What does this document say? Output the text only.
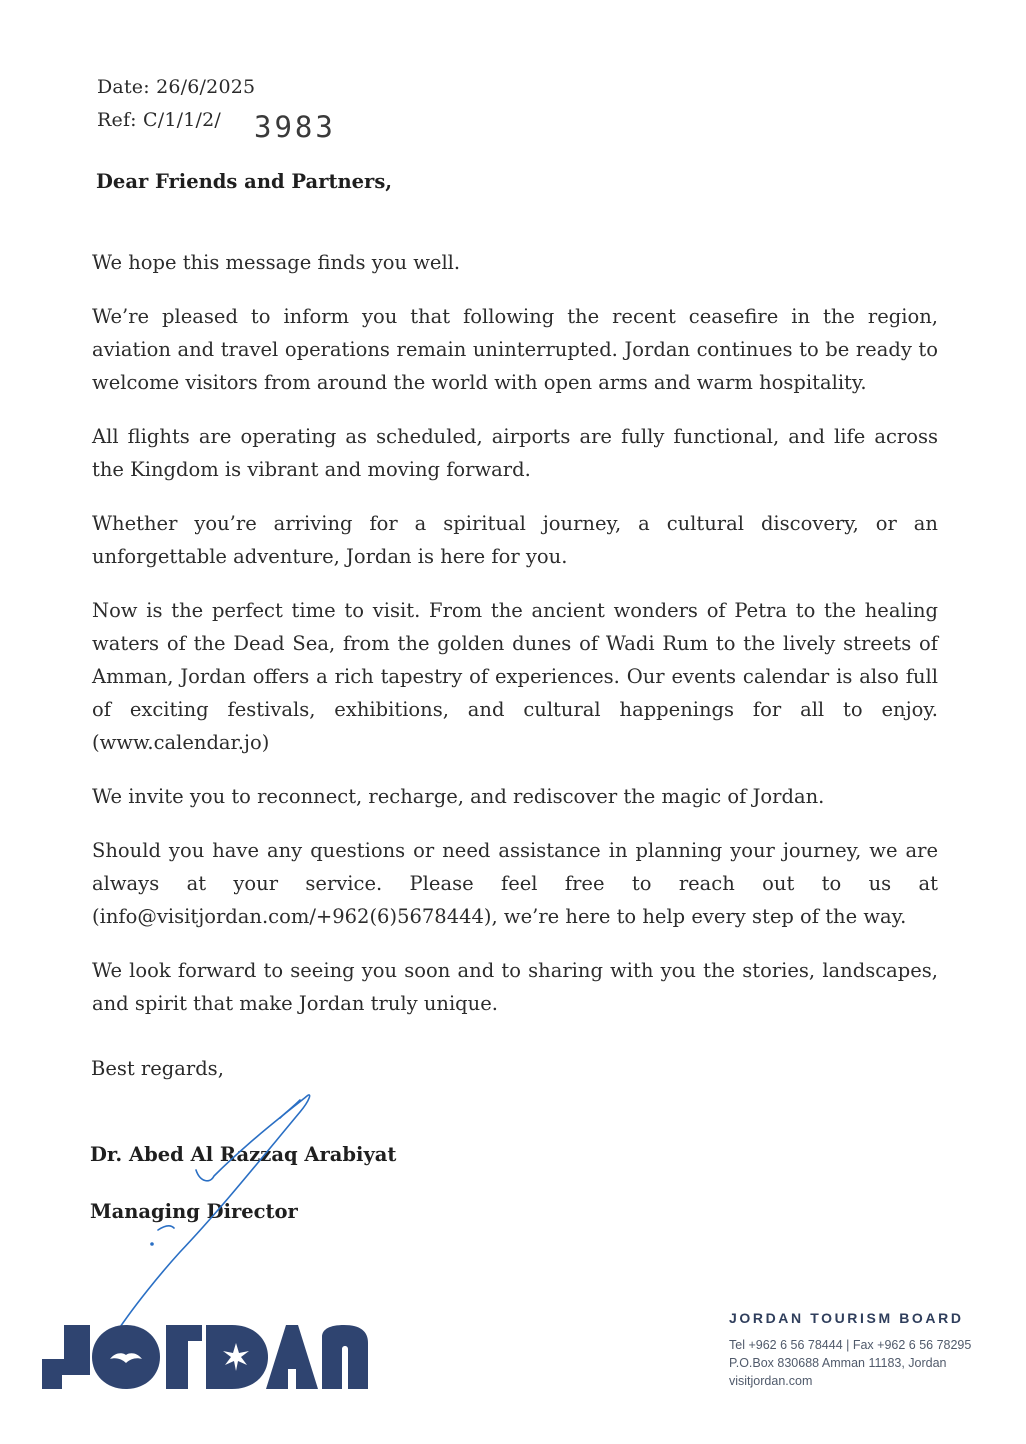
Date: 26/6/2025
Ref: C/1/1/2/ 3983
Dear Friends and Partners,

We hope this message finds you well.

We’re pleased to inform you that following the recent ceasefire in the region, aviation and travel operations remain uninterrupted. Jordan continues to be ready to welcome visitors from around the world with open arms and warm hospitality.

All flights are operating as scheduled, airports are fully functional, and life across the Kingdom is vibrant and moving forward.

Whether you’re arriving for a spiritual journey, a cultural discovery, or an unforgettable adventure, Jordan is here for you.

Now is the perfect time to visit. From the ancient wonders of Petra to the healing waters of the Dead Sea, from the golden dunes of Wadi Rum to the lively streets of Amman, Jordan offers a rich tapestry of experiences. Our events calendar is also full of exciting festivals, exhibitions, and cultural happenings for all to enjoy. (www.calendar.jo)

We invite you to reconnect, recharge, and rediscover the magic of Jordan.

Should you have any questions or need assistance in planning your journey, we are always at your service. Please feel free to reach out to us at (info@visitjordan.com/+962(6)5678444), we’re here to help every step of the way.

We look forward to seeing you soon and to sharing with you the stories, landscapes, and spirit that make Jordan truly unique.

Best regards,
Dr. Abed Al Razzaq Arabiyat
Managing Director
JORDAN TOURISM BOARD
Tel +962 6 56 78444 | Fax +962 6 56 78295
P.O.Box 830688 Amman 11183, Jordan
visitjordan.com
